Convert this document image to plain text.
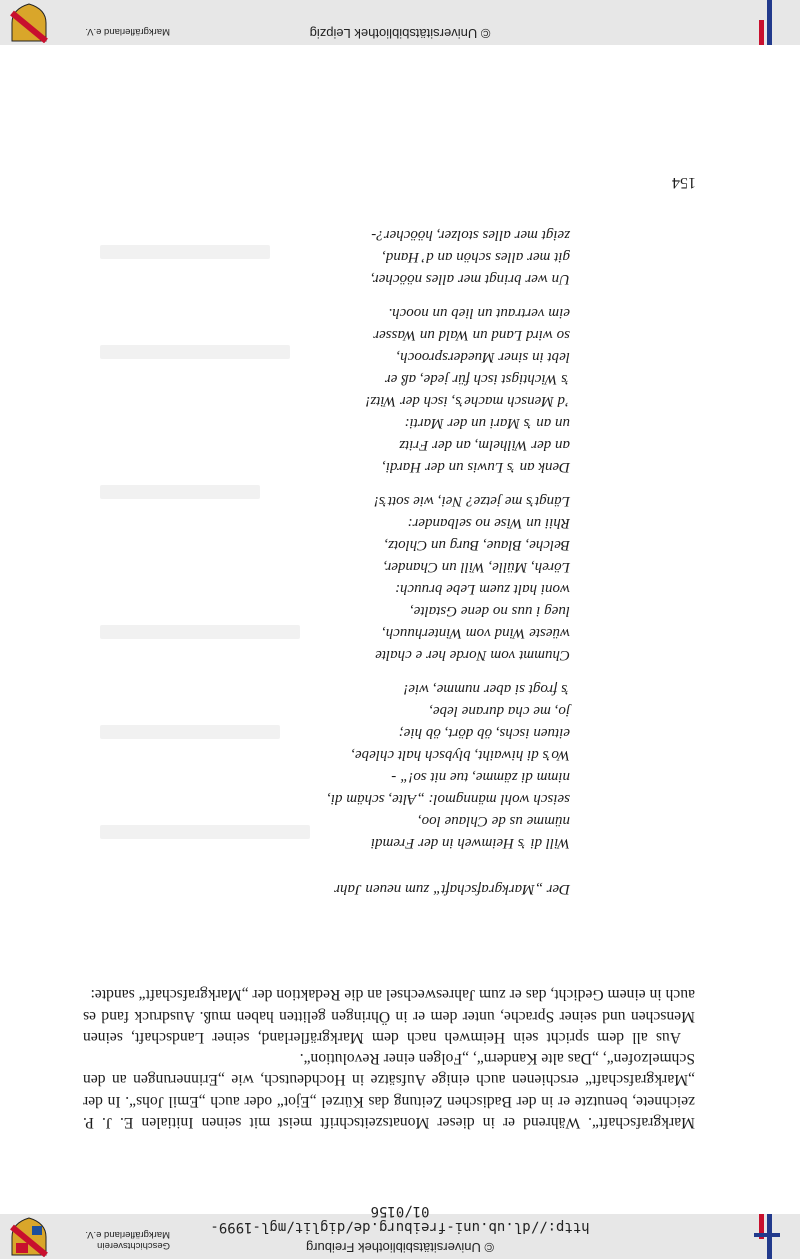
© Universitätsbibliothek Freiburg
http://dl.ub.uni-freiburg.de/diglit/mgl-1999-01/0156
Geschichtsverein
Markgräflerland e.V.

Markgrafschaft“. Während er in dieser Monatszeitschrift meist mit seinen Initialen E. J. P. zeichnete, benutzte er in der Badischen Zeitung das Kürzel „Ejot“ oder auch „Emil Johs“. In der „Markgrafschaft“ erschienen auch einige Aufsätze in Hochdeutsch, wie „Erinnerungen an den Schmelzofen“, „Das alte Kandern“, „Folgen einer Revolution“.

Aus all dem spricht sein Heimweh nach dem Markgräflerland, seiner Landschaft, seinen Menschen und seiner Sprache, unter dem er in Öhringen gelitten haben muß. Ausdruck fand es auch in einem Gedicht, das er zum Jahreswechsel an die Redaktion der „Markgrafschaft“ sandte:

Der „Markgrafschaft“ zum neuen Jahr
Will di ’s Heimweh in der Fremdi
nümme us de Chlaue loo,
seisch wohl männgmol: „Alte, schäm di,
nimm di zämme, tue nit so!“ -
Wo’s di hiwaiht, blybsch halt chlebe,
eituen ischs, öb dört, öb hie;
jo, me cha durane lebe,
’s frogt si aber numme, wie!
Chummt vom Norde her e chalte
wüeste Wind vom Winterhuuch,
lueg i uus no dene Gstalte,
woni halt zuem Lebe bruuch:
Löreh, Mülle, Will un Chander,
Belche, Blaue, Burg un Chlotz,
Rhii un Wise no selbander:
Längt’s me jetze? Nei, wie sott’s!
Denk an ’s Luwis un der Hardi,
an der Wilhelm, an der Fritz
un an ’s Mari un der Marti:
’d Mensch mache’s, isch der Witz!
’s Wichtigst isch für jede, aß er
lebt in siner Muedersprooch,
so wird Land un Wald un Wasser
eim vertraut un lieb un nooch.
Un wer bringt mer alles nööcher,
git mer alles schön an d’ Hand,
zeigt mer alles stolzer, hööcher?-
154
© Universitätsbibliothek Leipzig
Markgräflerland e.V.
